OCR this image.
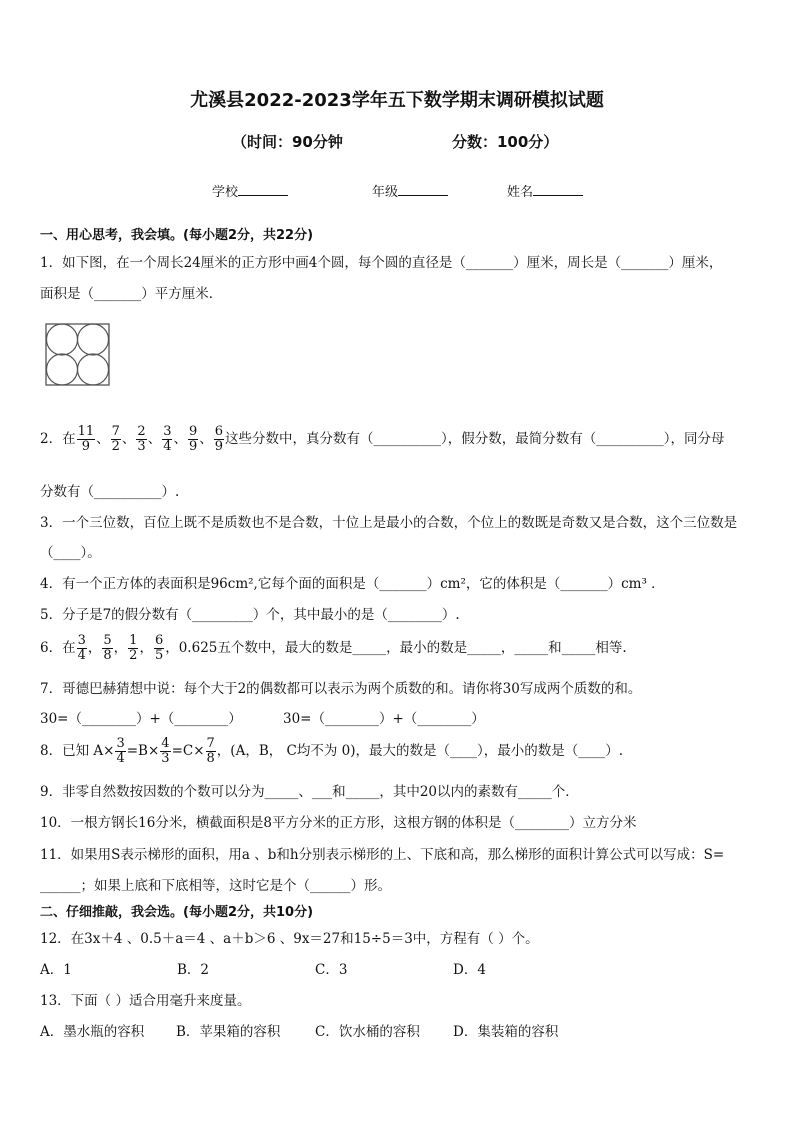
尤溪县2022-2023学年五下数学期末调研模拟试题
（时间：90分钟	分数：100分）
学校	年级	姓名
一、用心思考，我会填。(每小题2分，共22分)
1．如下图，在一个周长24厘米的正方形中画4个圆，每个圆的直径是（_______）厘米，周长是（_______）厘米，
面积是（_______）平方厘米．
2．在 $\frac{11}{9}$ 、 $\frac{7}{2}$ 、 $\frac{2}{3}$ 、 $\frac{3}{4}$ 、 $\frac{9}{9}$ 、 $\frac{6}{9}$ 这些分数中，真分数有（__________），假分数，最简分数有（__________），同分母
分数有（__________）.
3．一个三位数，百位上既不是质数也不是合数，十位上是最小的合数，个位上的数既是奇数又是合数，这个三位数是
（____）。
4．有一个正方体的表面积是96cm²,它每个面的面积是（_______）cm²，它的体积是（_______）cm³ ．
5．分子是7的假分数有（_________）个，其中最小的是（________）.
6．在 $\frac{3}{4}$ ， $\frac{5}{8}$ ， $\frac{1}{2}$ ， $\frac{6}{5}$ ，0.625五个数中，最大的数是_____，最小的数是_____，_____和_____相等.
7．哥德巴赫猜想中说：每个大于2的偶数都可以表示为两个质数的和。请你将30写成两个质数的和。
30=（________）+（________）	30=（________）+（________）
8．已知 $A\times \frac{3}{4} =B\times \frac{4}{3} =C\times \frac{7}{8}$ ，(A，B， C均不为 0)，最大的数是（____），最小的数是（____）.
9．非零自然数按因数的个数可以分为_____、___和_____，其中20以内的素数有_____个．
10．一根方钢长16分米，横截面积是8平方分米的正方形，这根方钢的体积是（________）立方分米
11．如果用S表示梯形的面积，用a 、b和h分别表示梯形的上、下底和高，那么梯形的面积计算公式可以写成：S=
______；如果上底和下底相等，这时它是个（______）形。
二、仔细推敲，我会选。(每小题2分，共10分)
12．在3x＋4 、0.5＋a＝4 、a＋b＞6 、9x＝27和15÷5＝3中，方程有（ ）个。
A．1	B．2	C．3	D．4
13．下面（ ）适合用毫升来度量。
A．墨水瓶的容积 B．苹果箱的容积	C．饮水桶的容积 D．集装箱的容积
